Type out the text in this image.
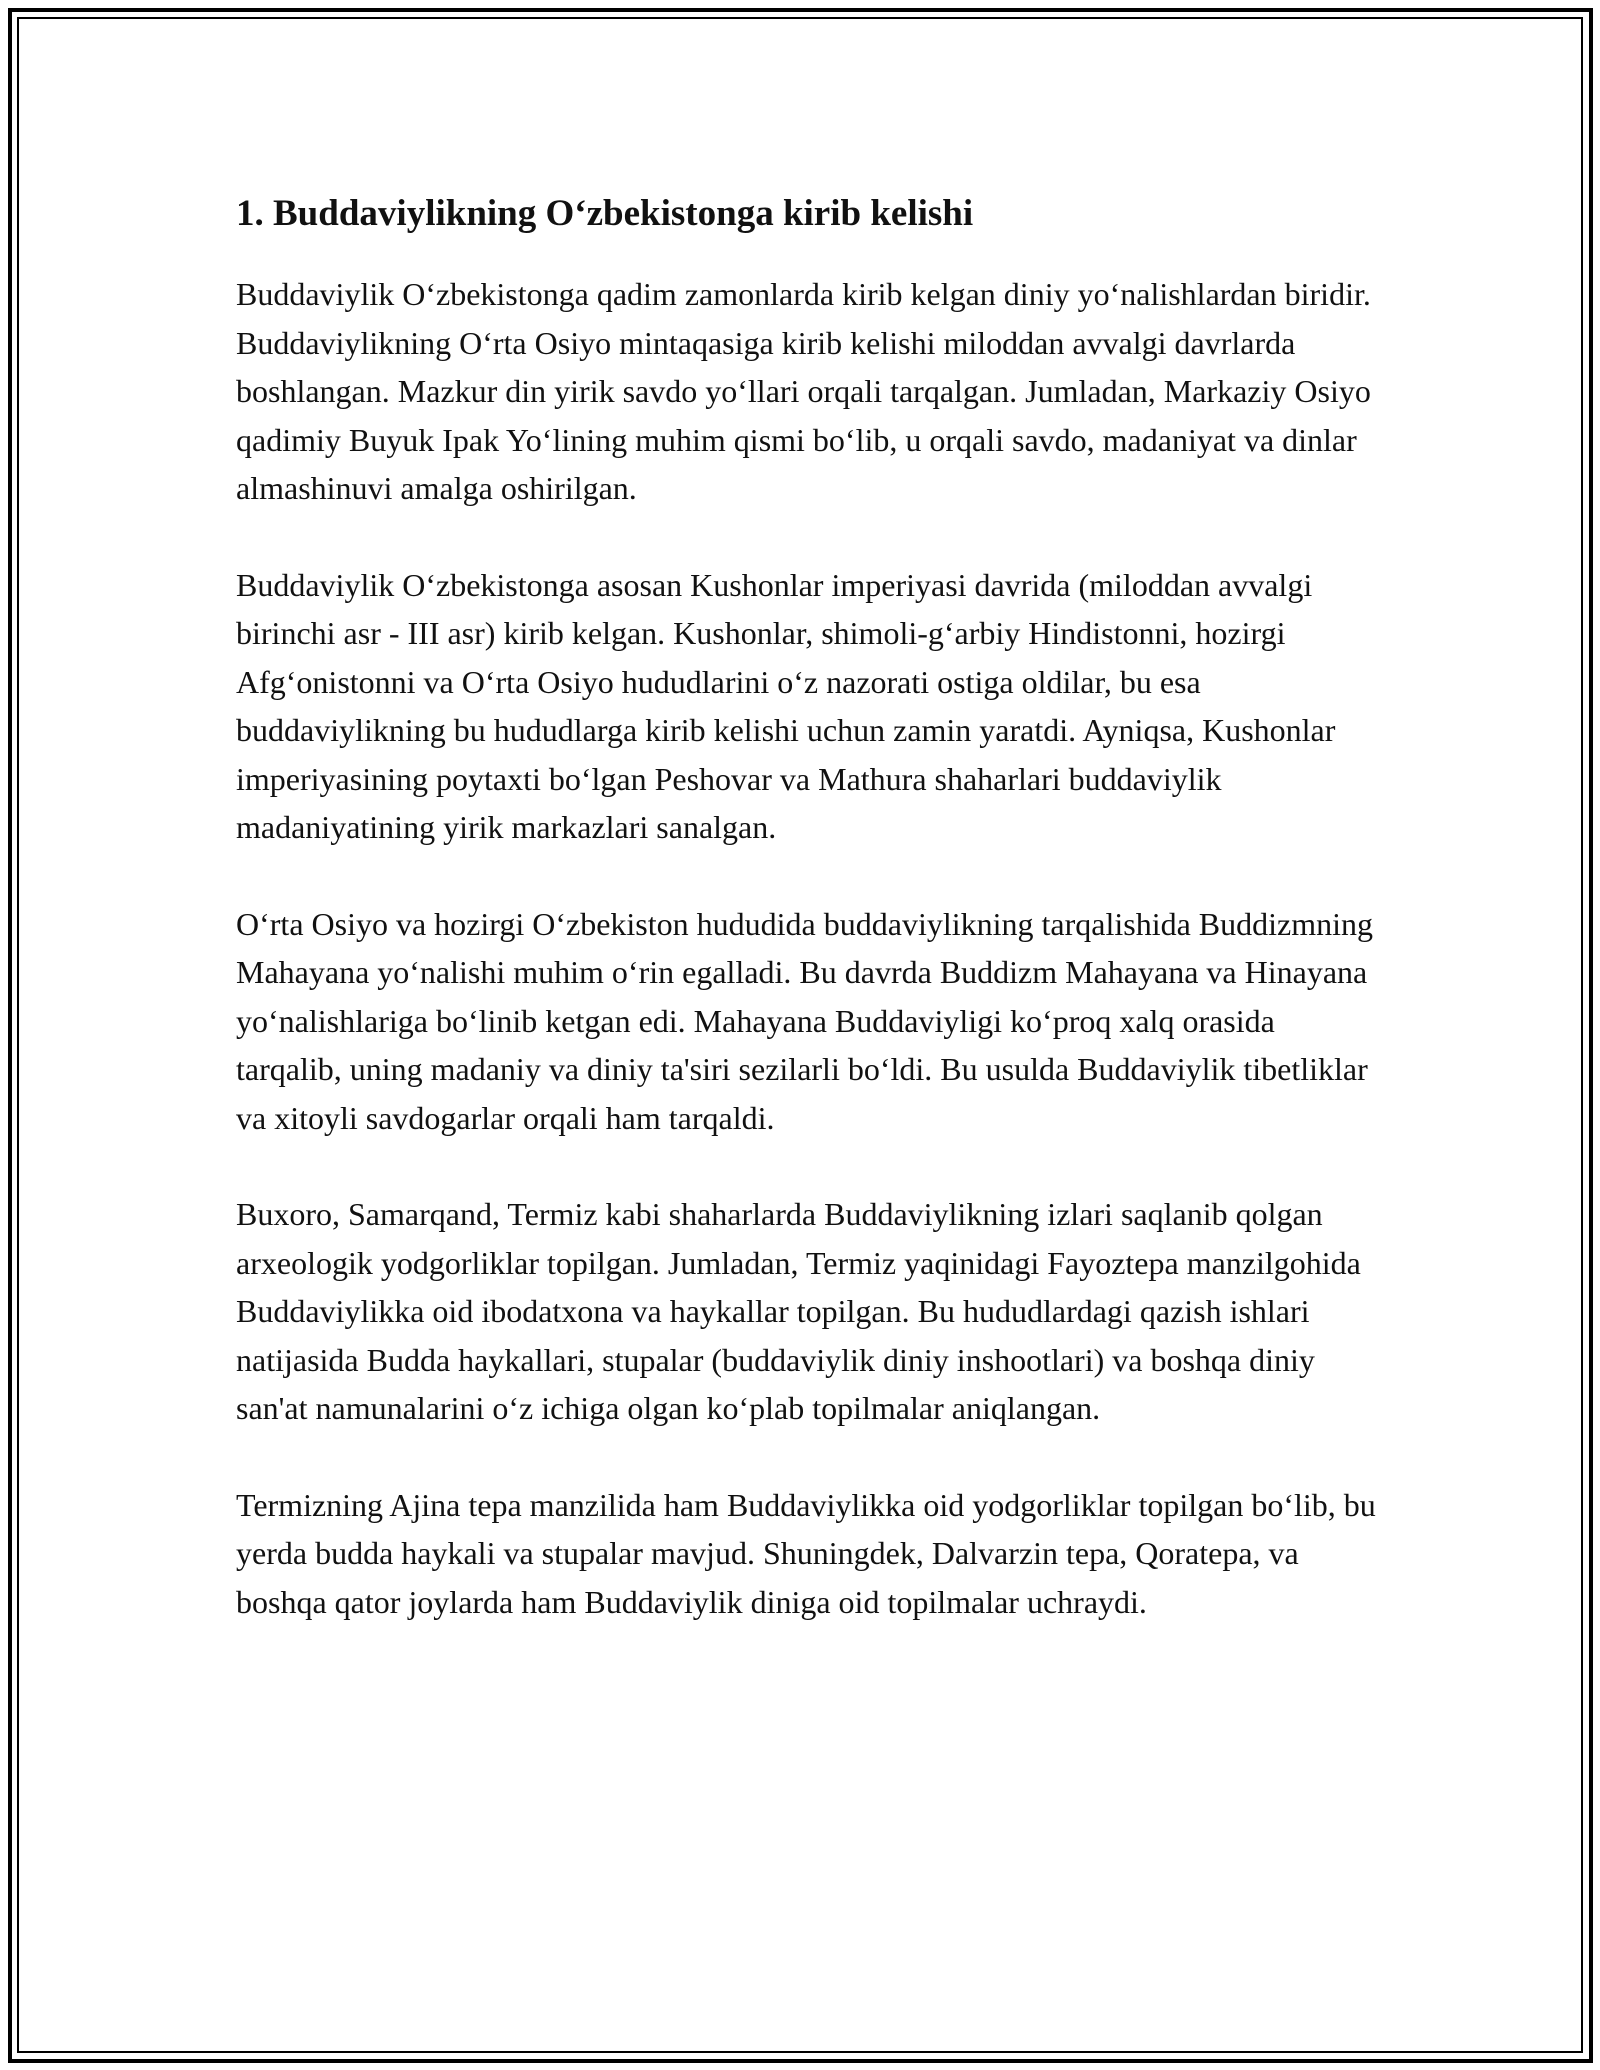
1. Buddaviylikning O‘zbekistonga kirib kelishi

Buddaviylik O‘zbekistonga qadim zamonlarda kirib kelgan diniy yo‘nalishlardan biridir. Buddaviylikning O‘rta Osiyo mintaqasiga kirib kelishi miloddan avvalgi davrlarda boshlangan. Mazkur din yirik savdo yo‘llari orqali tarqalgan. Jumladan, Markaziy Osiyo qadimiy Buyuk Ipak Yo‘lining muhim qismi bo‘lib, u orqali savdo, madaniyat va dinlar almashinuvi amalga oshirilgan.

Buddaviylik O‘zbekistonga asosan Kushonlar imperiyasi davrida (miloddan avvalgi birinchi asr - III asr) kirib kelgan. Kushonlar, shimoli-g‘arbiy Hindistonni, hozirgi Afg‘onistonni va O‘rta Osiyo hududlarini o‘z nazorati ostiga oldilar, bu esa buddaviylikning bu hududlarga kirib kelishi uchun zamin yaratdi. Ayniqsa, Kushonlar imperiyasining poytaxti bo‘lgan Peshovar va Mathura shaharlari buddaviylik madaniyatining yirik markazlari sanalgan.

O‘rta Osiyo va hozirgi O‘zbekiston hududida buddaviylikning tarqalishida Buddizmning Mahayana yo‘nalishi muhim o‘rin egalladi. Bu davrda Buddizm Mahayana va Hinayana yo‘nalishlariga bo‘linib ketgan edi. Mahayana Buddaviyligi ko‘proq xalq orasida tarqalib, uning madaniy va diniy ta'siri sezilarli bo‘ldi. Bu usulda Buddaviylik tibetliklar va xitoyli savdogarlar orqali ham tarqaldi.

Buxoro, Samarqand, Termiz kabi shaharlarda Buddaviylikning izlari saqlanib qolgan arxeologik yodgorliklar topilgan. Jumladan, Termiz yaqinidagi Fayoztepa manzilgohida Buddaviylikka oid ibodatxona va haykallar topilgan. Bu hududlardagi qazish ishlari natijasida Budda haykallari, stupalar (buddaviylik diniy inshootlari) va boshqa diniy san'at namunalarini o‘z ichiga olgan ko‘plab topilmalar aniqlangan.

Termizning Ajina tepa manzilida ham Buddaviylikka oid yodgorliklar topilgan bo‘lib, bu yerda budda haykali va stupalar mavjud. Shuningdek, Dalvarzin tepa, Qoratepa, va boshqa qator joylarda ham Buddaviylik diniga oid topilmalar uchraydi.
